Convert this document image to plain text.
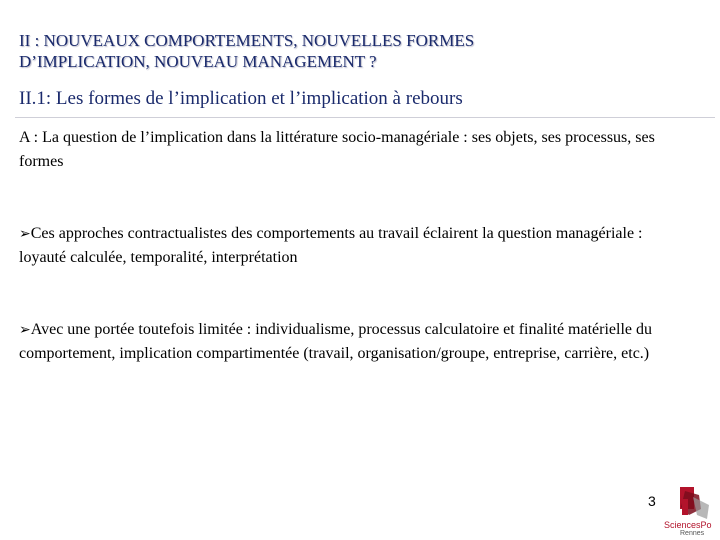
II : NOUVEAUX COMPORTEMENTS, NOUVELLES FORMES
D’IMPLICATION, NOUVEAU MANAGEMENT ?
II.1: Les formes de l’implication et l’implication à rebours
A : La question de l’implication dans la littérature socio-managériale : ses objets, ses processus, ses formes
➢Ces approches contractualistes des comportements au travail éclairent la question managériale : loyauté calculée, temporalité, interprétation
➢Avec une portée toutefois limitée : individualisme, processus calculatoire et finalité matérielle du comportement, implication compartimentée (travail, organisation/groupe, entreprise, carrière, etc.)
3
SciencesPo
Rennes
